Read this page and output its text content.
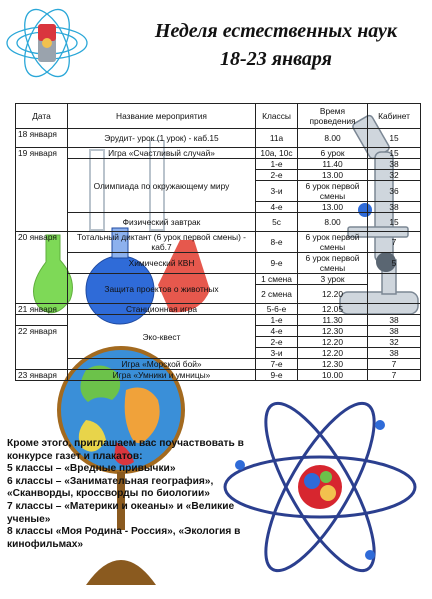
Неделя естественных наук
18-23 января
Дата	Название мероприятия	Классы	Время проведения	Кабинет
18 января	Эрудит- урок (1 урок) - каб.15	11а	8.00	15
19 января	Игра «Счастливый случай»	10а, 10с	6 урок	15
	Олимпиада по окружающему миру	1-е	11.40	38
		2-е	13.00	32
		3-и	6 урок первой смены	36
		4-е	13.00	38
	Физический завтрак	5с	8.00	15
20 января	Тотальный диктант (6 урок первой смены) - каб.7	8-е	6 урок первой смены	7
	Химический КВН	9-е	6 урок первой смены	5
	Защита проектов о животных	1 смена	3 урок	
		2 смена	12.20	
21 января	Станционная игра	5-6-е	12.05	
	Эко-квест	1-е	11.30	38
22 января		4-е	12.30	38
		2-е	12.20	32
		3-и	12.20	38
	Игра «Морской бой»	7-е	12.30	7
23 января	Игра «Умники и умницы»	9-е	10.00	7
Кроме этого, приглашаем вас поучаствовать в
конкурсе газет и плакатов:
5 классы – «Вредные привычки»
6 классы – «Занимательная география»,
«Сканворды, кроссворды по биологии»
7 классы – «Материки и океаны» и «Великие
ученые»
8 классы «Моя Родина - Россия», «Экология в
кинофильмах»
